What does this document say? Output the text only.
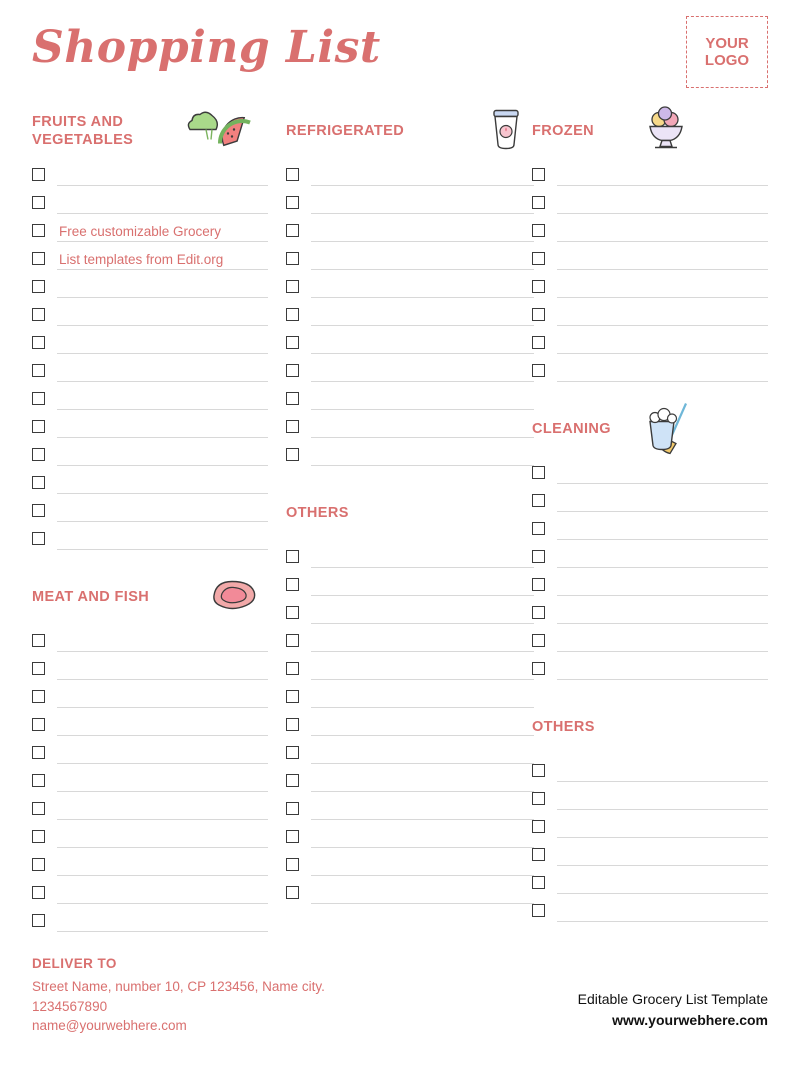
Shopping List	YOUR
LOGO
FRUITS AND VEGETABLES
Free customizable Grocery
List templates from Edit.org
MEAT AND FISH
REFRIGERATED
OTHERS
FROZEN
CLEANING
OTHERS
DELIVER TO
Street Name, number 10, CP 123456, Name city.
1234567890
name@yourwebhere.com
Editable Grocery List Template
www.yourwebhere.com
